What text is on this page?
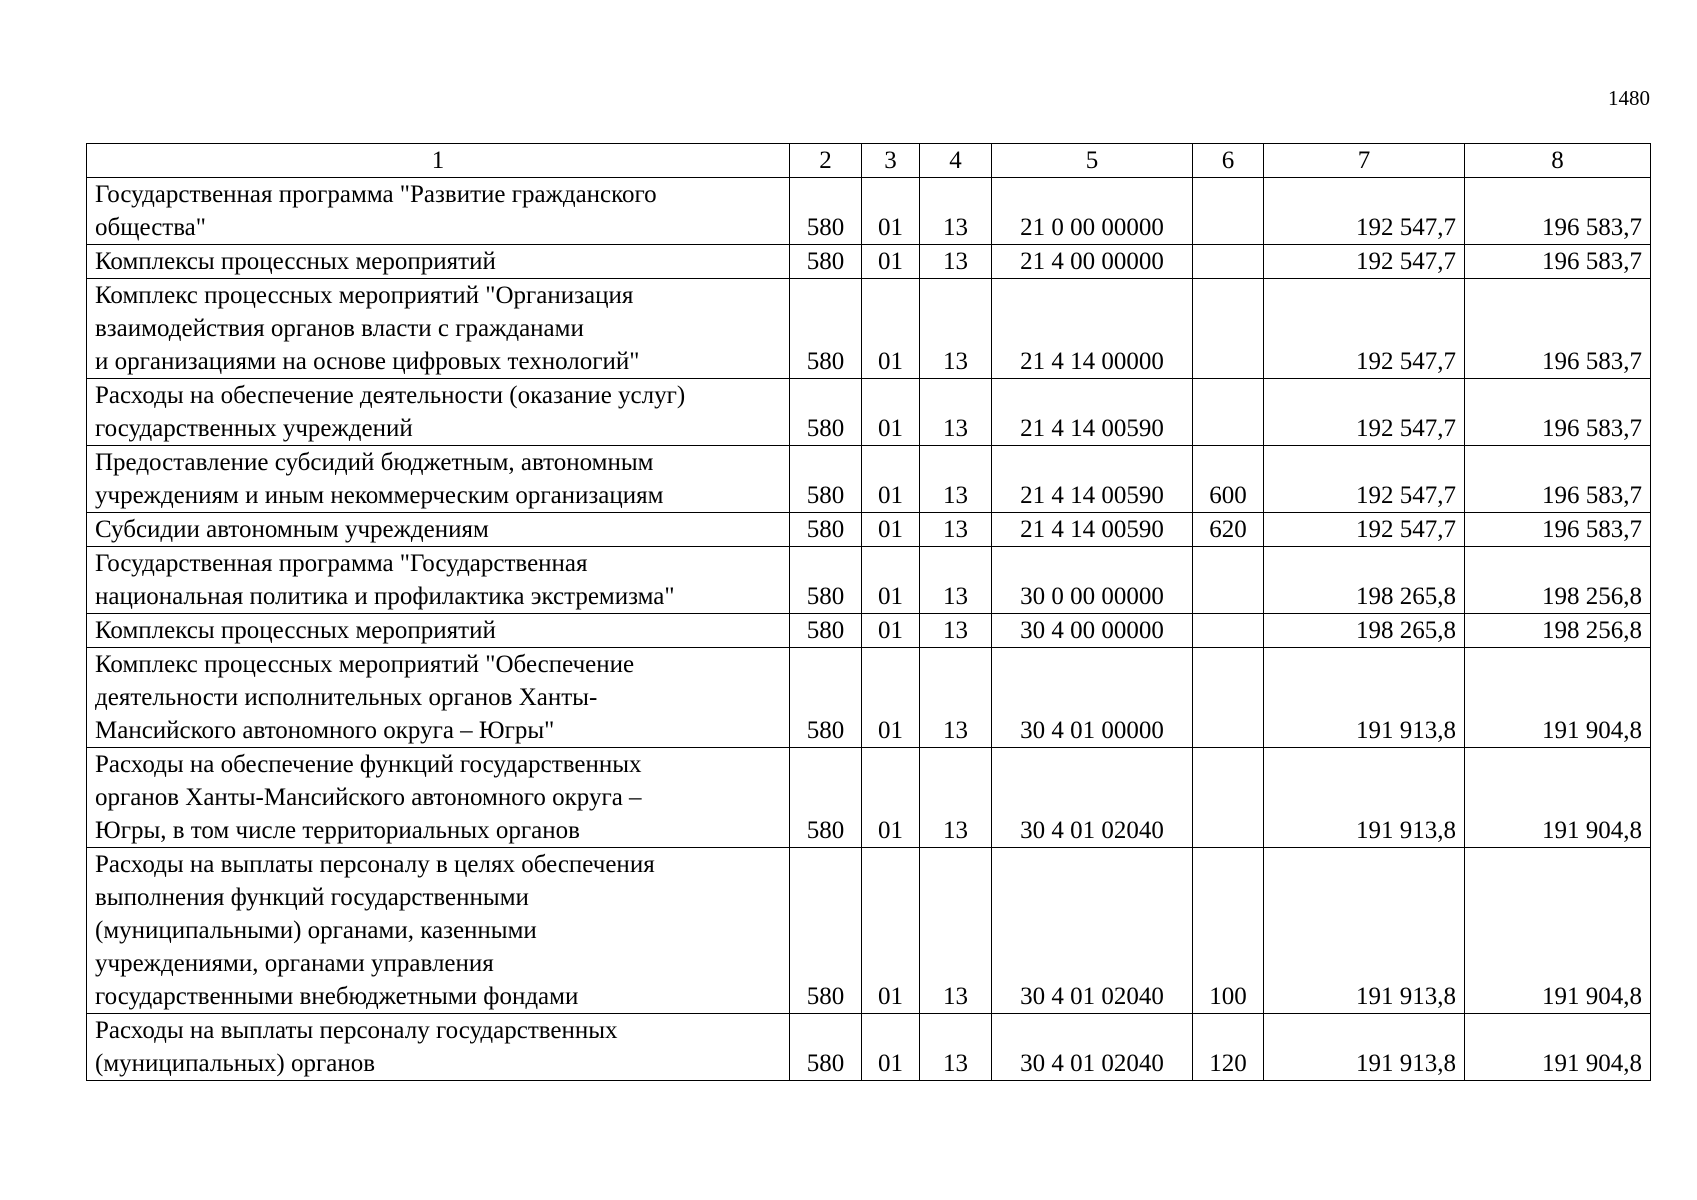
1480
1	2	3	4	5	6	7	8

Государственная программа "Развитие гражданского
общества"	580	01	13	21 0 00 00000		192 547,7	196 583,7

Комплексы процессных мероприятий	580	01	13	21 4 00 00000		192 547,7	196 583,7

Комплекс процессных мероприятий "Организация
взаимодействия органов власти с гражданами
и организациями на основе цифровых технологий"	580	01	13	21 4 14 00000		192 547,7	196 583,7

Расходы на обеспечение деятельности (оказание услуг)
государственных учреждений	580	01	13	21 4 14 00590		192 547,7	196 583,7

Предоставление субсидий бюджетным, автономным
учреждениям и иным некоммерческим организациям	580	01	13	21 4 14 00590	600	192 547,7	196 583,7

Субсидии автономным учреждениям	580	01	13	21 4 14 00590	620	192 547,7	196 583,7

Государственная программа "Государственная
национальная политика и профилактика экстремизма"	580	01	13	30 0 00 00000		198 265,8	198 256,8

Комплексы процессных мероприятий	580	01	13	30 4 00 00000		198 265,8	198 256,8

Комплекс процессных мероприятий "Обеспечение
деятельности исполнительных органов Ханты-
Мансийского автономного округа – Югры"	580	01	13	30 4 01 00000		191 913,8	191 904,8

Расходы на обеспечение функций государственных
органов Ханты-Мансийского автономного округа –
Югры, в том числе территориальных органов	580	01	13	30 4 01 02040		191 913,8	191 904,8

Расходы на выплаты персоналу в целях обеспечения
выполнения функций государственными
(муниципальными) органами, казенными
учреждениями, органами управления
государственными внебюджетными фондами	580	01	13	30 4 01 02040	100	191 913,8	191 904,8

Расходы на выплаты персоналу государственных
(муниципальных) органов	580	01	13	30 4 01 02040	120	191 913,8	191 904,8
